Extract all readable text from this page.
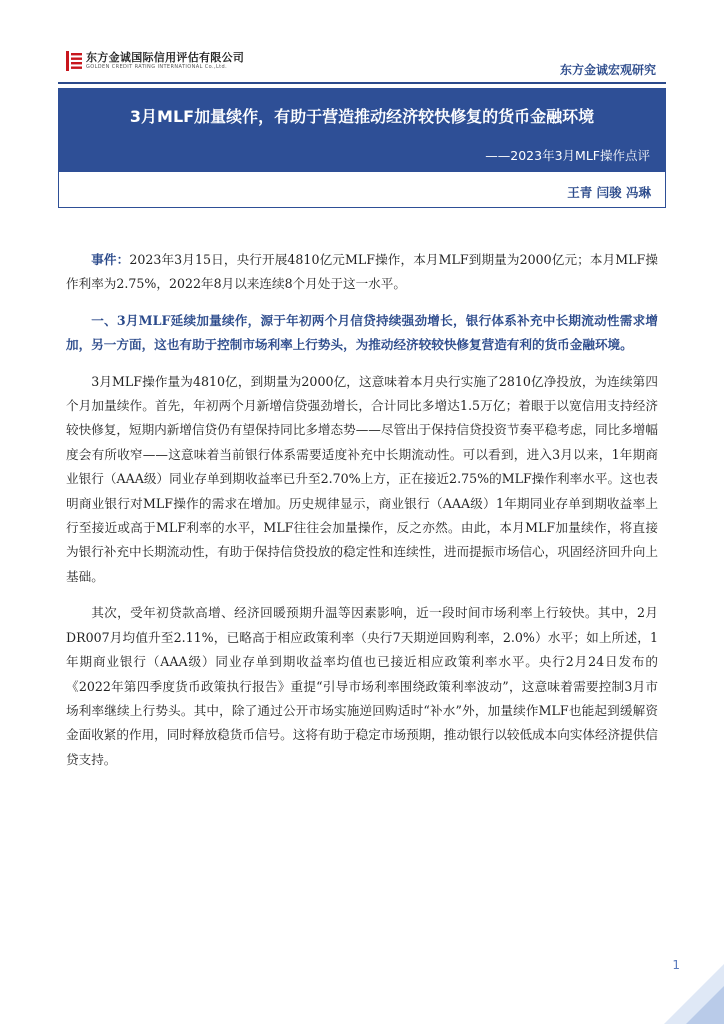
东方金诚国际信用评估有限公司
GOLDEN CREDIT RATING INTERNATIONAL Co.,Ltd.	东方金诚宏观研究
3月MLF加量续作，有助于营造推动经济较快修复的货币金融环境
——2023年3月MLF操作点评
王青 闫骏 冯琳

事件：2023年3月15日，央行开展4810亿元MLF操作，本月MLF到期量为2000亿元；本月MLF操作利率为2.75%，2022年8月以来连续8个月处于这一水平。

一、3月MLF延续加量续作，源于年初两个月信贷持续强劲增长，银行体系补充中长期流动性需求增加，另一方面，这也有助于控制市场利率上行势头，为推动经济较较快修复营造有利的货币金融环境。

3月MLF操作量为4810亿，到期量为2000亿，这意味着本月央行实施了2810亿净投放，为连续第四个月加量续作。首先，年初两个月新增信贷强劲增长，合计同比多增达1.5万亿；着眼于以宽信用支持经济较快修复，短期内新增信贷仍有望保持同比多增态势——尽管出于保持信贷投资节奏平稳考虑，同比多增幅度会有所收窄——这意味着当前银行体系需要适度补充中长期流动性。可以看到，进入3月以来，1年期商业银行（AAA级）同业存单到期收益率已升至2.70%上方，正在接近2.75%的MLF操作利率水平。这也表明商业银行对MLF操作的需求在增加。历史规律显示，商业银行（AAA级）1年期同业存单到期收益率上行至接近或高于MLF利率的水平，MLF往往会加量操作，反之亦然。由此，本月MLF加量续作，将直接为银行补充中长期流动性，有助于保持信贷投放的稳定性和连续性，进而提振市场信心，巩固经济回升向上基础。

其次，受年初贷款高增、经济回暖预期升温等因素影响，近一段时间市场利率上行较快。其中，2月DR007月均值升至2.11%，已略高于相应政策利率（央行7天期逆回购利率，2.0%）水平；如上所述，1年期商业银行（AAA级）同业存单到期收益率均值也已接近相应政策利率水平。央行2月24日发布的《2022年第四季度货币政策执行报告》重提“引导市场利率围绕政策利率波动”，这意味着需要控制3月市场利率继续上行势头。其中，除了通过公开市场实施逆回购适时“补水”外，加量续作MLF也能起到缓解资金面收紧的作用，同时释放稳货币信号。这将有助于稳定市场预期，推动银行以较低成本向实体经济提供信贷支持。

1
